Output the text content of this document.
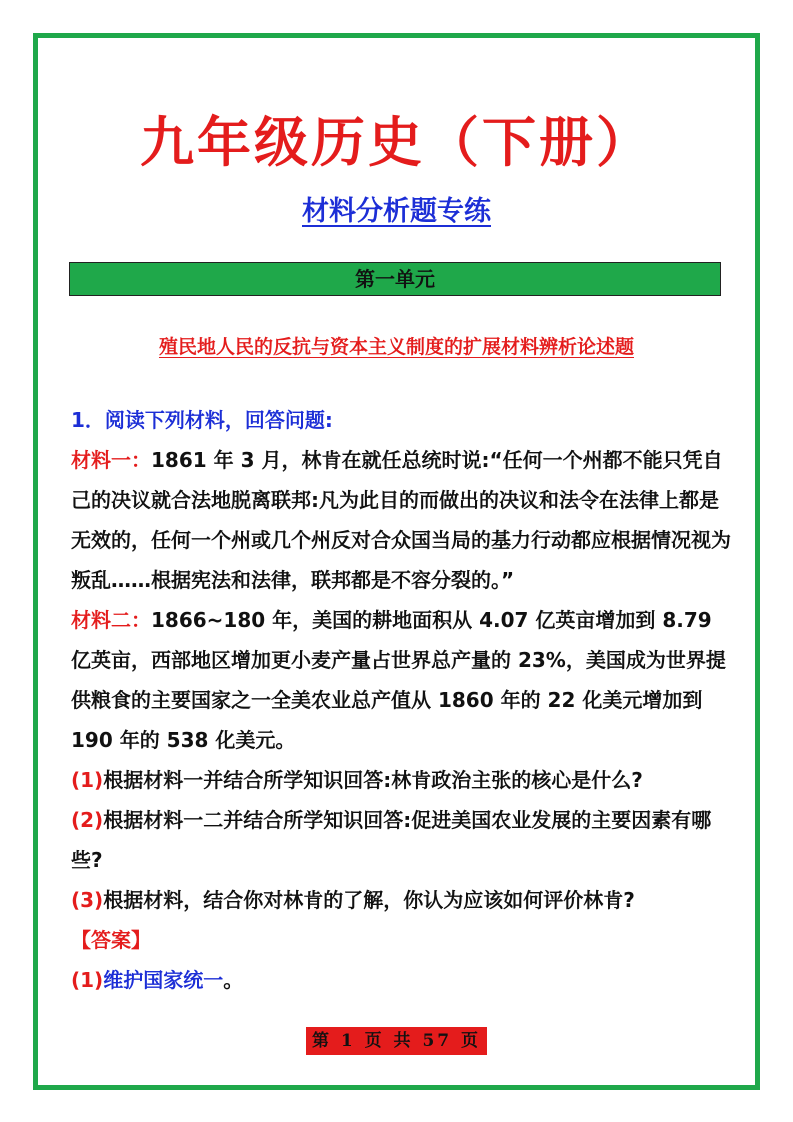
九年级历史（下册）
材料分析题专练
第一单元
殖民地人民的反抗与资本主义制度的扩展材料辨析论述题

1．阅读下列材料，回答问题:

材料一：1861 年 3 月，林肯在就任总统时说:“任何一个州都不能只凭自己的决议就合法地脱离联邦:凡为此目的而做出的决议和法令在法律上都是无效的，任何一个州或几个州反对合众国当局的基力行动都应根据情况视为叛乱……根据宪法和法律，联邦都是不容分裂的。”

材料二：1866~180 年，美国的耕地面积从 4.07 亿英亩增加到 8.79 亿英亩，西部地区增加更小麦产量占世界总产量的 23%，美国成为世界提供粮食的主要国家之一全美农业总产值从 1860 年的 22 化美元增加到 190 年的 538 化美元。

(1)根据材料一并结合所学知识回答:林肯政治主张的核心是什么?

(2)根据材料一二并结合所学知识回答:促进美国农业发展的主要因素有哪些?

(3)根据材料，结合你对林肯的了解，你认为应该如何评价林肯?

【答案】

(1)维护国家统一。

第 1 页 共 57 页
